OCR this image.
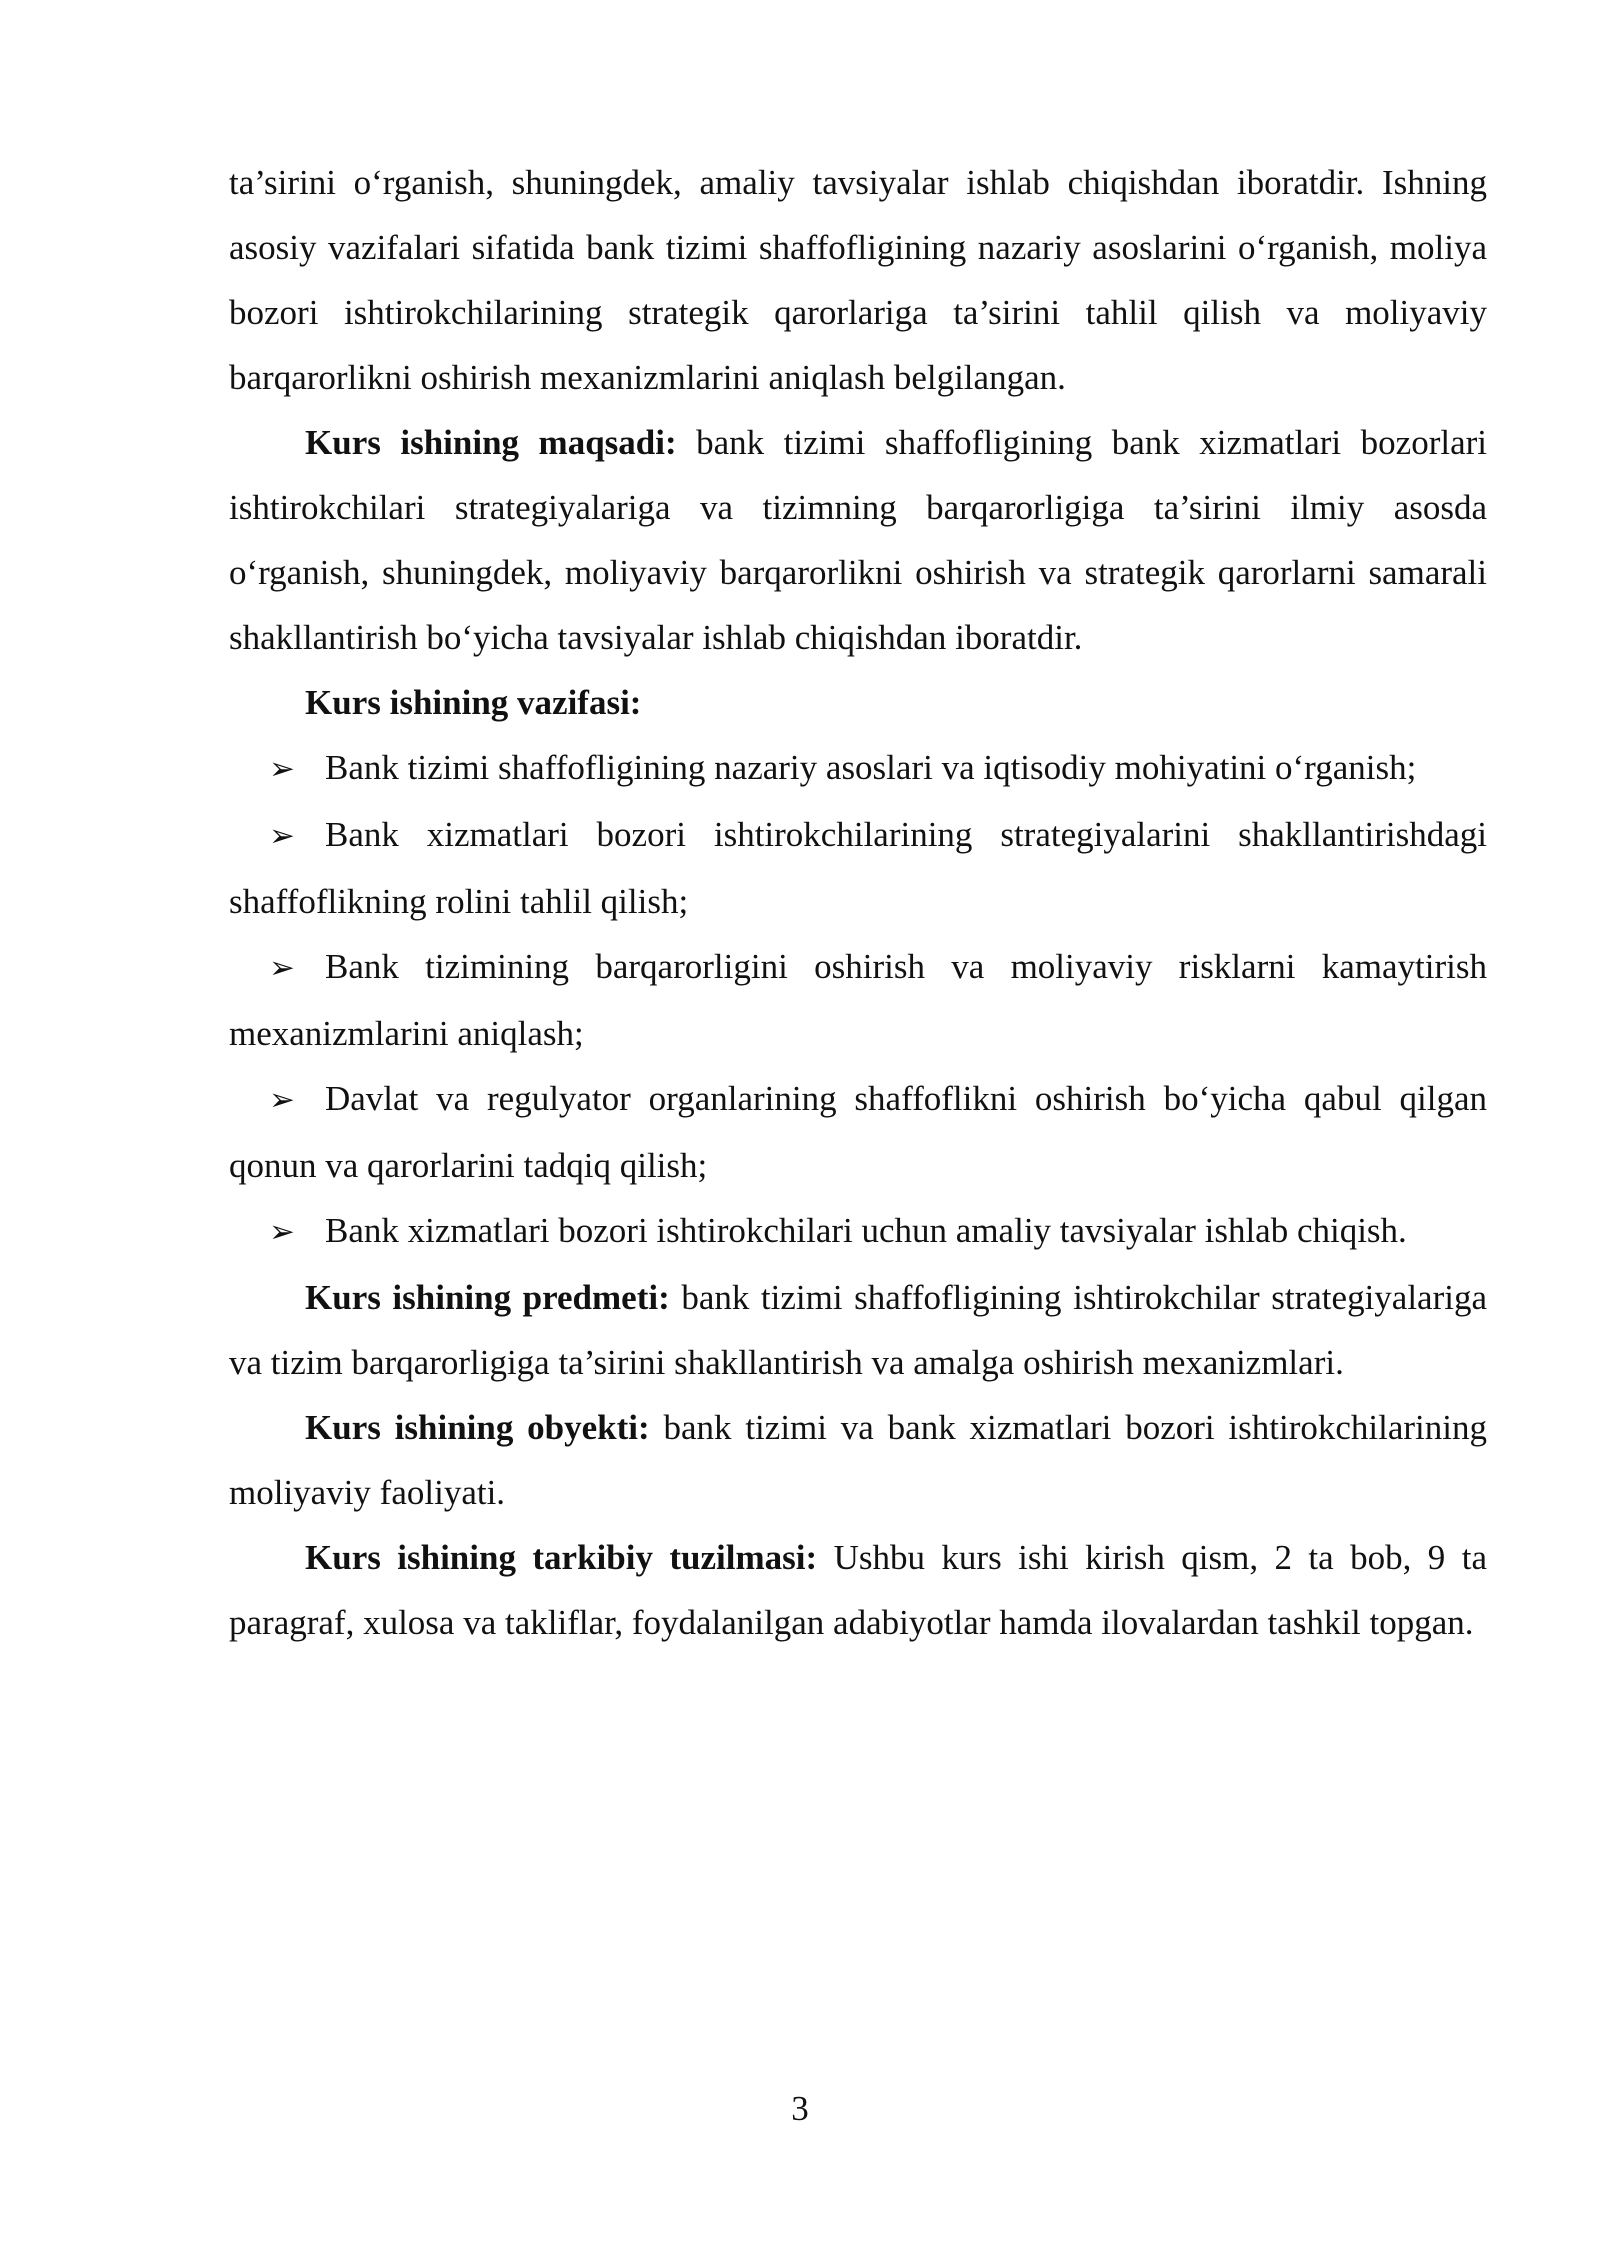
ta’sirini o‘rganish, shuningdek, amaliy tavsiyalar ishlab chiqishdan iboratdir. Ishning asosiy vazifalari sifatida bank tizimi shaffofligining nazariy asoslarini o‘rganish, moliya bozori ishtirokchilarining strategik qarorlariga ta’sirini tahlil qilish va moliyaviy barqarorlikni oshirish mexanizmlarini aniqlash belgilangan.

Kurs ishining maqsadi: bank tizimi shaffofligining bank xizmatlari bozorlari ishtirokchilari strategiyalariga va tizimning barqarorligiga ta’sirini ilmiy asosda o‘rganish, shuningdek, moliyaviy barqarorlikni oshirish va strategik qarorlarni samarali shakllantirish bo‘yicha tavsiyalar ishlab chiqishdan iboratdir.

Kurs ishining vazifasi:

➢ Bank tizimi shaffofligining nazariy asoslari va iqtisodiy mohiyatini o‘rganish;

➢ Bank xizmatlari bozori ishtirokchilarining strategiyalarini shakllantirishdagi shaffoflikning rolini tahlil qilish;

➢ Bank tizimining barqarorligini oshirish va moliyaviy risklarni kamaytirish mexanizmlarini aniqlash;

➢ Davlat va regulyator organlarining shaffoflikni oshirish bo‘yicha qabul qilgan qonun va qarorlarini tadqiq qilish;

➢ Bank xizmatlari bozori ishtirokchilari uchun amaliy tavsiyalar ishlab chiqish.

Kurs ishining predmeti: bank tizimi shaffofligining ishtirokchilar strategiyalariga va tizim barqarorligiga ta’sirini shakllantirish va amalga oshirish mexanizmlari.

Kurs ishining obyekti: bank tizimi va bank xizmatlari bozori ishtirokchilarining moliyaviy faoliyati.

Kurs ishining tarkibiy tuzilmasi: Ushbu kurs ishi kirish qism, 2 ta bob, 9 ta paragraf, xulosa va takliflar, foydalanilgan adabiyotlar hamda ilovalardan tashkil topgan.

3
